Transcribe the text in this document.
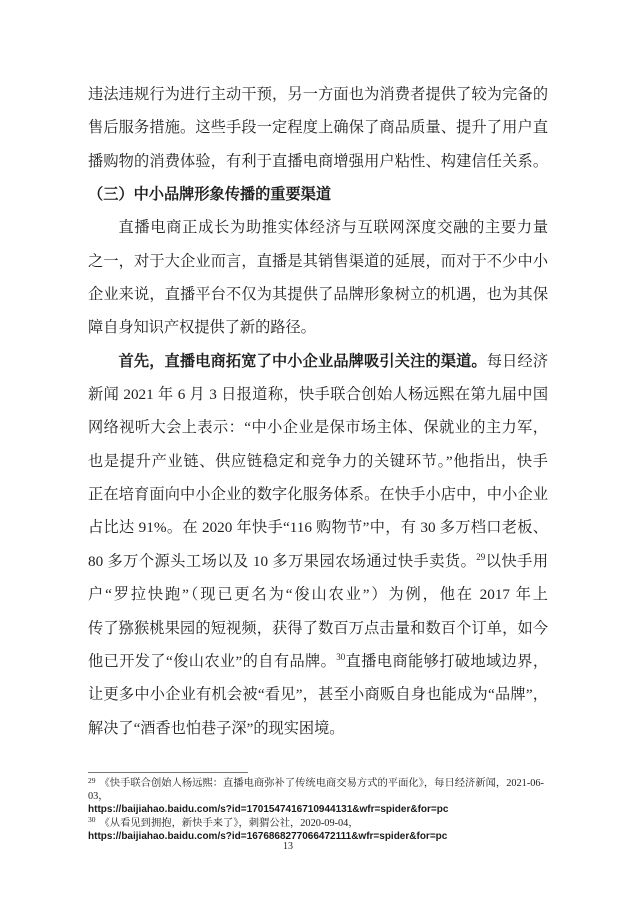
违法违规行为进行主动干预，另一方面也为消费者提供了较为完备的
售后服务措施。这些手段一定程度上确保了商品质量、提升了用户直
播购物的消费体验，有利于直播电商增强用户粘性、构建信任关系。
（三）中小品牌形象传播的重要渠道
直播电商正成长为助推实体经济与互联网深度交融的主要力量
之一，对于大企业而言，直播是其销售渠道的延展，而对于不少中小
企业来说，直播平台不仅为其提供了品牌形象树立的机遇，也为其保
障自身知识产权提供了新的路径。
首先，直播电商拓宽了中小企业品牌吸引关注的渠道。每日经济
新闻 2021 年 6 月 3 日报道称，快手联合创始人杨远熙在第九届中国
网络视听大会上表示：“中小企业是保市场主体、保就业的主力军，
也是提升产业链、供应链稳定和竞争力的关键环节。”他指出，快手
正在培育面向中小企业的数字化服务体系。在快手小店中，中小企业
占比达 91%。在 2020 年快手“116 购物节”中，有 30 多万档口老板、
80 多万个源头工场以及 10 多万果园农场通过快手卖货。$^{29}$以快手用
户“罗拉快跑”（现已更名为“俊山农业”）为例，他在 2017 年上
传了猕猴桃果园的短视频，获得了数百万点击量和数百个订单，如今
他已开发了“俊山农业”的自有品牌。$^{30}$直播电商能够打破地域边界，
让更多中小企业有机会被“看见”，甚至小商贩自身也能成为“品牌”，
解决了“酒香也怕巷子深”的现实困境。
$^{29}$ 《快手联合创始人杨远熙：直播电商弥补了传统电商交易方式的平面化》，每日经济新闻，2021-06-03，
https://baijiahao.baidu.com/s?id=1701547416710944131&wfr=spider&for=pc
$^{30}$ 《从看见到拥抱，新快手来了》，刺猬公社，2020-09-04，
https://baijiahao.baidu.com/s?id=1676868277066472111&wfr=spider&for=pc
13
